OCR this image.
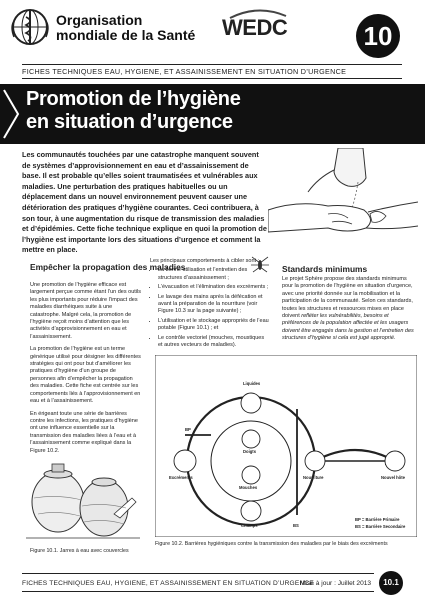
Organisation
mondiale de la Santé WEDC	10
FICHES TECHNIQUES EAU, HYGIENE, ET ASSAINISSEMENT EN SITUATION D’URGENCE
Promotion de l’hygiène
en situation d’urgence
Les communautés touchées par une catastrophe manquent souvent de systèmes d’approvisionnement en eau et d’assainissement de base. Il est probable qu’elles soient traumatisées et vulnérables aux maladies. Une perturbation des pratiques habituelles ou un déplacement dans un nouvel environnement peuvent causer une détérioration des pratiques d’hygiène courantes. Ceci contribuera, à son tour, à une augmentation du risque de transmission des maladies et d’épidémies. Cette fiche technique explique en quoi la promotion de l’hygiène est importante lors des situations d’urgence et comment la mettre en place.
Empêcher la propagation des maladies

Une promotion de l’hygiène efficace est largement perçue comme étant l’un des outils les plus importants pour réduire l’impact des maladies diarrhéiques suite à une catastrophe. Malgré cela, la promotion de l’hygiène reçoit moins d’attention que les activités d’approvisionnement en eau et l’assainissement.

La promotion de l’hygiène est un terme générique utilisé pour désigner les différentes stratégies qui ont pour but d’améliorer les pratiques d’hygiène d’un groupe de personnes afin d’empêcher la propagation des maladies. Cette fiche est centrée sur les comportements liés à l’approvisionnement en eau et à l’assainissement.

En érigeant toute une série de barrières contre les infections, les pratiques d’hygiène ont une influence essentielle sur la transmission des maladies liées à l’eau et à l’assainissement comme expliqué dans la Figure 10.2.

Figure 10.1. Jarres à eau avec couvercles
Les principaux comportements à cibler sont :
• La bonne utilisation et l’entretien des structures d’assainissement ;
• L’évacuation et l’élimination des excréments ;
• Le lavage des mains après la défécation et avant la préparation de la nourriture (voir Figure 10.3 sur la page suivante) ;
• L’utilisation et le stockage appropriés de l’eau potable (Figure 10.1) ; et
• Le contrôle vectoriel (mouches, moustiques et autres vecteurs de maladies).
Standards minimums
Le projet Sphère propose des standards minimums pour la promotion de l’hygiène en situation d’urgence, avec une priorité donnée sur la mobilisation et la participation de la communauté. Selon ces standards, toutes les structures et ressources mises en place doivent refléter les vulnérabilités, besoins et préférences de la population affectée et les usagers doivent être engagés dans la gestion et l’entretien des structures d’hygiène si cela est jugé approprié.
Liquides
Doigts
Excréments
Mouches
Champs
Nourriture	Nouvel hôte
BP
BS
BP = Barrière Primaire
BS = Barrière Secondaire
Figure 10.2. Barrières hygiéniques contre la transmission des maladies par le biais des excréments
FICHES TECHNIQUES EAU, HYGIENE, ET ASSAINISSEMENT EN SITUATION D’URGENCE
Mise à jour : Juillet 2013	10.1
